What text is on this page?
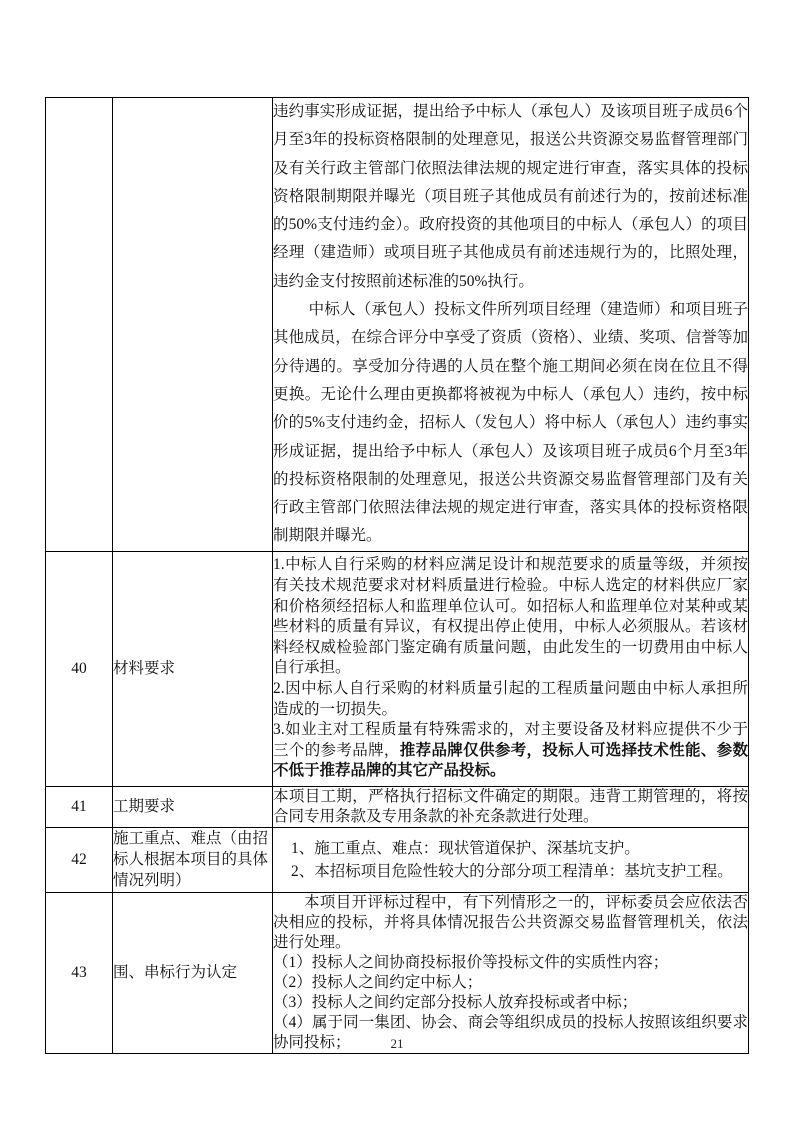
		违约事实形成证据，提出给予中标人（承包人）及该项目班子成员6个月至3年的投标资格限制的处理意见，报送公共资源交易监督管理部门及有关行政主管部门依照法律法规的规定进行审查，落实具体的投标资格限制期限并曝光（项目班子其他成员有前述行为的，按前述标准的50%支付违约金）。政府投资的其他项目的中标人（承包人）的项目经理（建造师）或项目班子其他成员有前述违规行为的，比照处理，违约金支付按照前述标准的50%执行。

中标人（承包人）投标文件所列项目经理（建造师）和项目班子其他成员，在综合评分中享受了资质（资格）、业绩、奖项、信誉等加分待遇的。享受加分待遇的人员在整个施工期间必须在岗在位且不得更换。无论什么理由更换都将被视为中标人（承包人）违约，按中标价的5%支付违约金，招标人（发包人）将中标人（承包人）违约事实形成证据，提出给予中标人（承包人）及该项目班子成员6个月至3年的投标资格限制的处理意见，报送公共资源交易监督管理部门及有关行政主管部门依照法律法规的规定进行审查，落实具体的投标资格限制期限并曝光。

40	材料要求	1.中标人自行采购的材料应满足设计和规范要求的质量等级，并须按有关技术规范要求对材料质量进行检验。中标人选定的材料供应厂家和价格须经招标人和监理单位认可。如招标人和监理单位对某种或某些材料的质量有异议，有权提出停止使用，中标人必须服从。若该材料经权威检验部门鉴定确有质量问题，由此发生的一切费用由中标人自行承担。

2.因中标人自行采购的材料质量引起的工程质量问题由中标人承担所造成的一切损失。

3.如业主对工程质量有特殊需求的，对主要设备及材料应提供不少于三个的参考品牌，推荐品牌仅供参考，投标人可选择技术性能、参数不低于推荐品牌的其它产品投标。

41	工期要求	本项目工期，严格执行招标文件确定的期限。违背工期管理的，将按合同专用条款及专用条款的补充条款进行处理。

42	施工重点、难点（由招标人根据本项目的具体情况列明）	1、施工重点、难点：现状管道保护、深基坑支护。

2、本招标项目危险性较大的分部分项工程清单：基坑支护工程。

43	围、串标行为认定	本项目开评标过程中，有下列情形之一的，评标委员会应依法否决相应的投标，并将具体情况报告公共资源交易监督管理机关，依法进行处理。

（1）投标人之间协商投标报价等投标文件的实质性内容；

（2）投标人之间约定中标人；

（3）投标人之间约定部分投标人放弃投标或者中标；

（4）属于同一集团、协会、商会等组织成员的投标人按照该组织要求协同投标；	21
